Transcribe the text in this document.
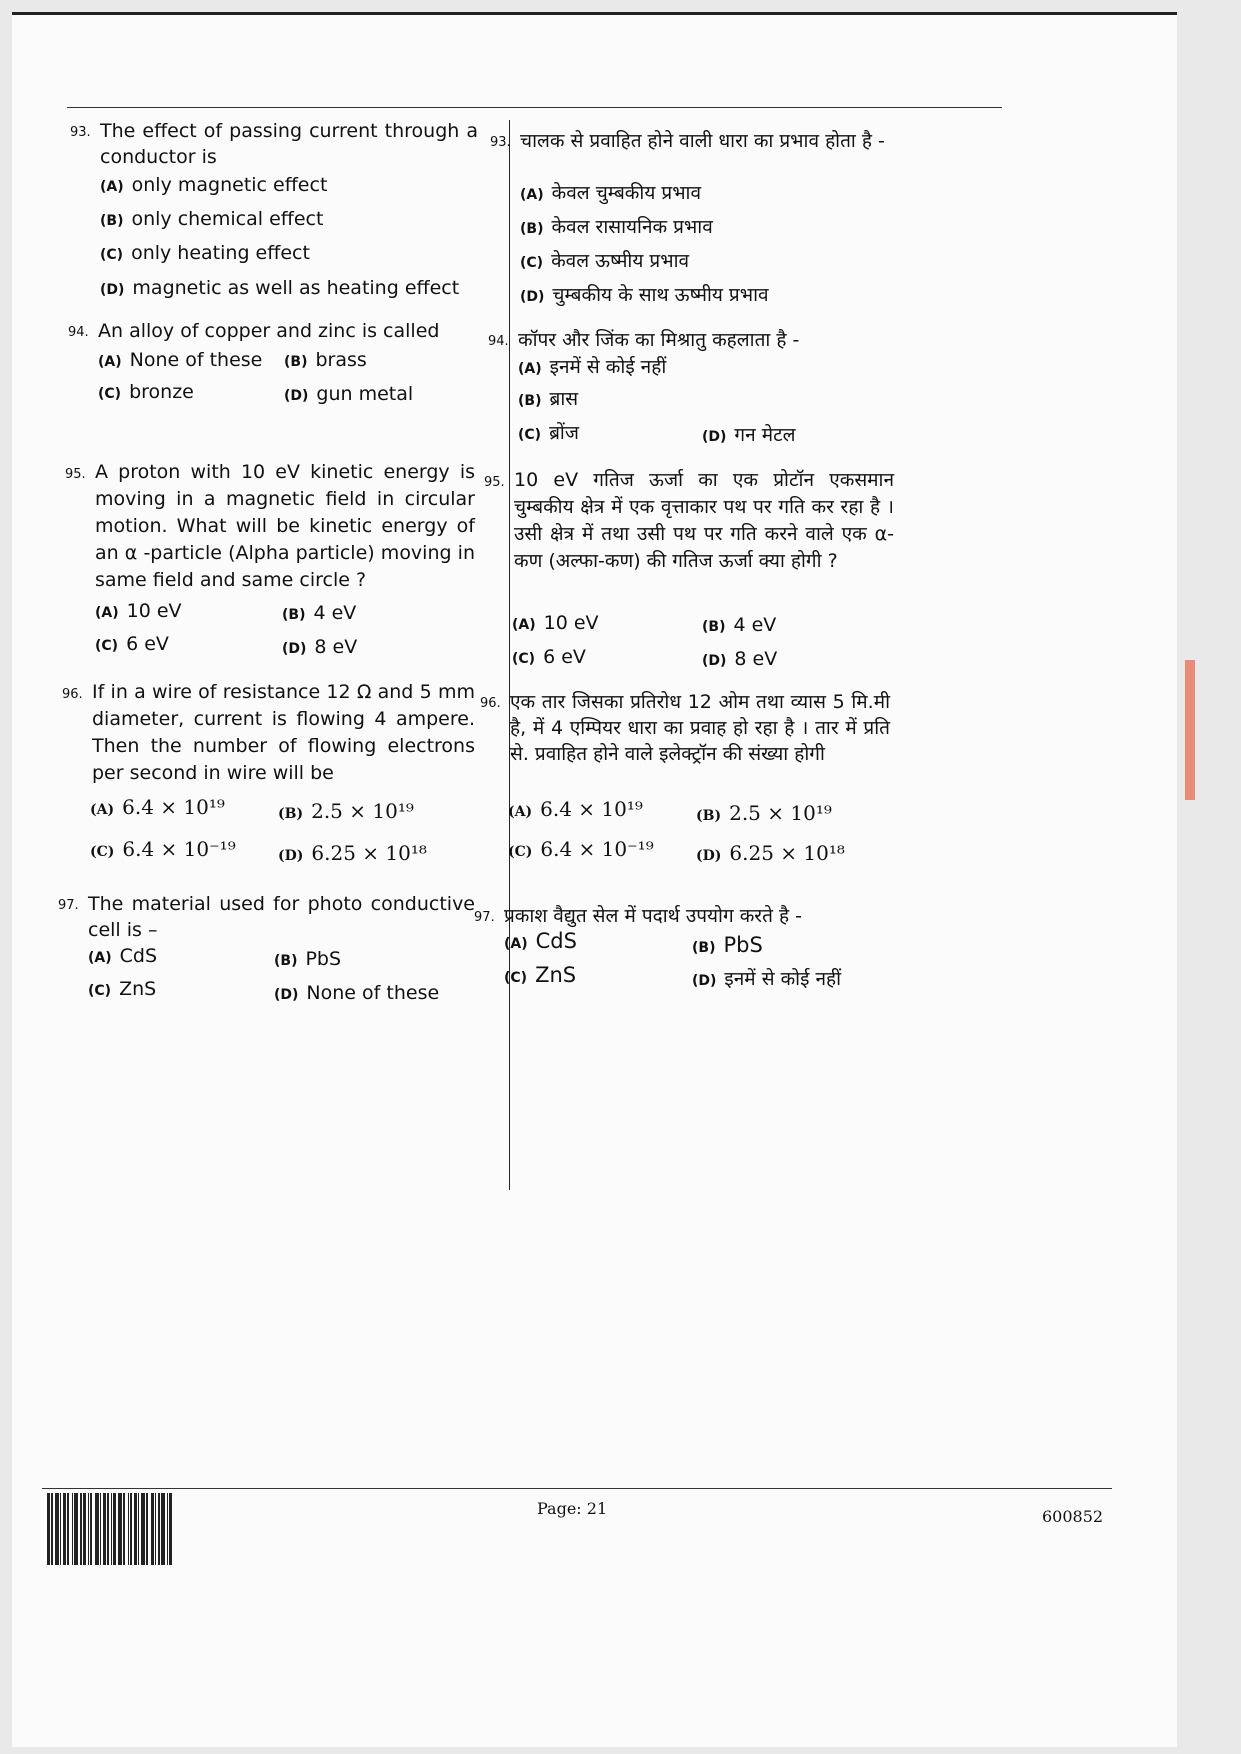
93. The effect of passing current through a conductor is
(A) only magnetic effect
(B) only chemical effect
(C) only heating effect
(D) magnetic as well as heating effect
94. An alloy of copper and zinc is called
(A) None of these (B) brass
(C) bronze	(D) gun metal
95. A proton with 10 eV kinetic energy is moving in a magnetic field in circular motion. What will be kinetic energy of an α -particle (Alpha particle) moving in same field and same circle ?
(A) 10 eV	(B) 4 eV
(C) 6 eV	(D) 8 eV
96. If in a wire of resistance 12 Ω and 5 mm diameter, current is flowing 4 ampere. Then the number of flowing electrons per second in wire will be
(A) 6.4 × 10¹⁹	(B) 2.5 × 10¹⁹
(C) 6.4 × 10⁻¹⁹	(D) 6.25 × 10¹⁸
97. The material used for photo conductive cell is –
(A) CdS	(B) PbS
(C) ZnS	(D) None of these
93. चालक से प्रवाहित होने वाली धारा का प्रभाव होता है -
(A) केवल चुम्बकीय प्रभाव
(B) केवल रासायनिक प्रभाव
(C) केवल ऊष्मीय प्रभाव
(D) चुम्बकीय के साथ ऊष्मीय प्रभाव
94. कॉपर और जिंक का मिश्रातु कहलाता है -
(A) इनमें से कोई नहीं
(B) ब्रास
(C) ब्रोंज	(D) गन मेटल
95. 10 eV गतिज ऊर्जा का एक प्रोटॉन एकसमान चुम्बकीय क्षेत्र में एक वृत्ताकार पथ पर गति कर रहा है । उसी क्षेत्र में तथा उसी पथ पर गति करने वाले एक α-कण (अल्फा-कण) की गतिज ऊर्जा क्या होगी ?
(A) 10 eV	(B) 4 eV
(C) 6 eV	(D) 8 eV
96. एक तार जिसका प्रतिरोध 12 ओम तथा व्यास 5 मि.मी है, में 4 एम्पियर धारा का प्रवाह हो रहा है । तार में प्रति से. प्रवाहित होने वाले इलेक्ट्रॉन की संख्या होगी
(A) 6.4 × 10¹⁹	(B) 2.5 × 10¹⁹
(C) 6.4 × 10⁻¹⁹	(D) 6.25 × 10¹⁸
97. प्रकाश वैद्युत सेल में पदार्थ उपयोग करते है -
(A) CdS	(B) PbS
(C) ZnS	(D) इनमें से कोई नहीं
Page: 21	600852
